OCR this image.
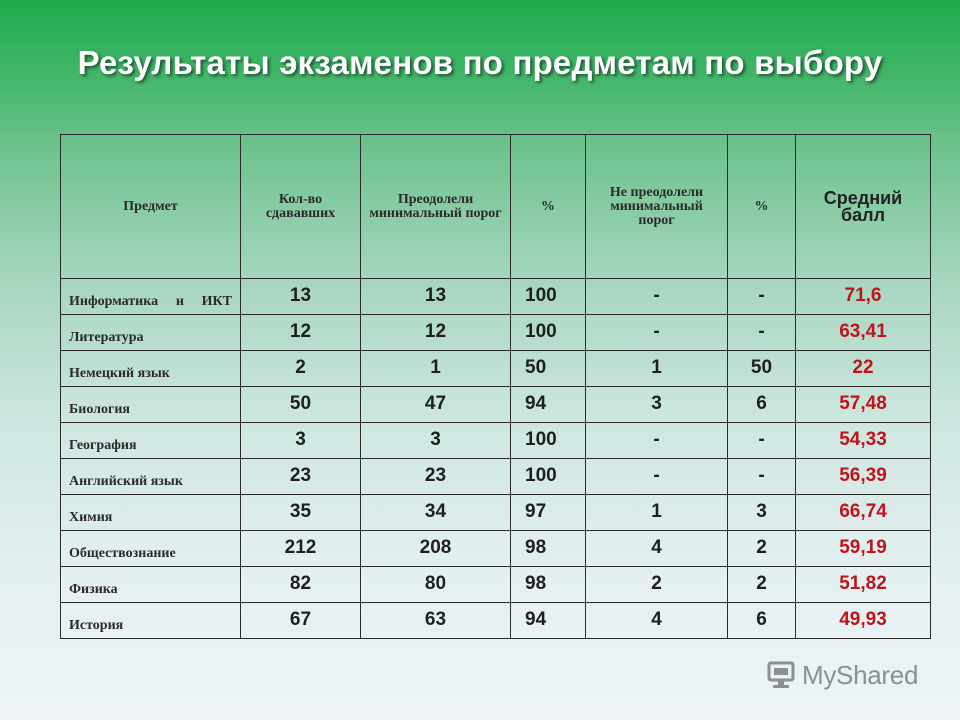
Результаты экзаменов по предметам по выбору
Предмет	Кол-во сдававших	Преодолели минимальный порог	%	Не преодолели минимальный порог	%	Средний балл
Информатика и ИКТ	13	13	100	-	-	71,6
Литература	12	12	100	-	-	63,41
Немецкий язык	2	1	50	1	50	22
Биология	50	47	94	3	6	57,48
География	3	3	100	-	-	54,33
Английский язык	23	23	100	-	-	56,39
Химия	35	34	97	1	3	66,74
Обществознание	212	208	98	4	2	59,19
Физика	82	80	98	2	2	51,82
История	67	63	94	4	6	49,93
MyShared
